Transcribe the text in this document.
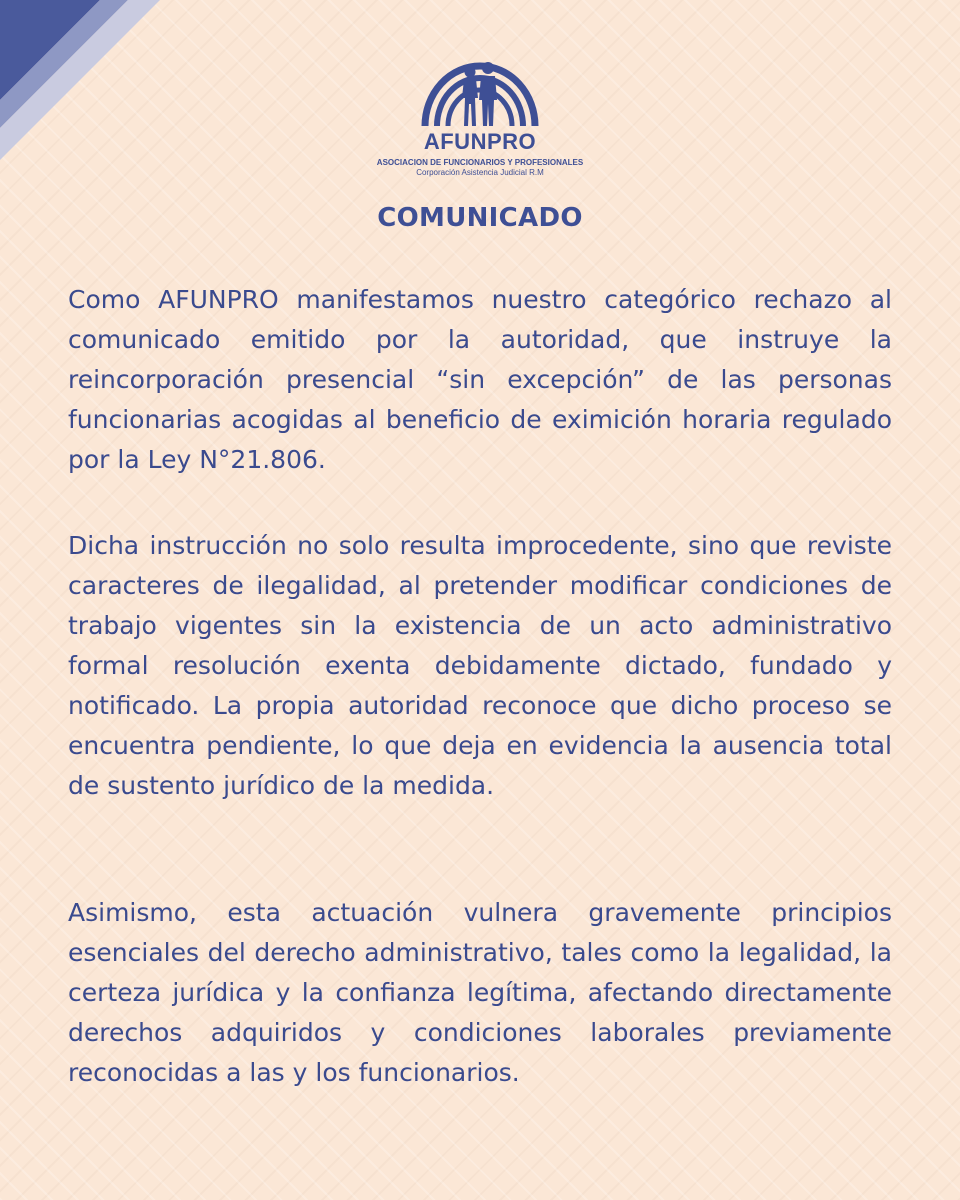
AFUNPRO
ASOCIACION DE FUNCIONARIOS Y PROFESIONALES
Corporación Asistencia Judicial R.M
COMUNICADO

Como AFUNPRO manifestamos nuestro categórico rechazo al comunicado emitido por la autoridad, que instruye la reincorporación presencial “sin excepción” de las personas funcionarias acogidas al beneficio de eximición horaria regulado por la Ley N°21.806.

Dicha instrucción no solo resulta improcedente, sino que reviste caracteres de ilegalidad, al pretender modificar condiciones de trabajo vigentes sin la existencia de un acto administrativo formal resolución exenta debidamente dictado, fundado y notificado. La propia autoridad reconoce que dicho proceso se encuentra pendiente, lo que deja en evidencia la ausencia total de sustento jurídico de la medida.

Asimismo, esta actuación vulnera gravemente principios esenciales del derecho administrativo, tales como la legalidad, la certeza jurídica y la confianza legítima, afectando directamente derechos adquiridos y condiciones laborales previamente reconocidas a las y los funcionarios.
